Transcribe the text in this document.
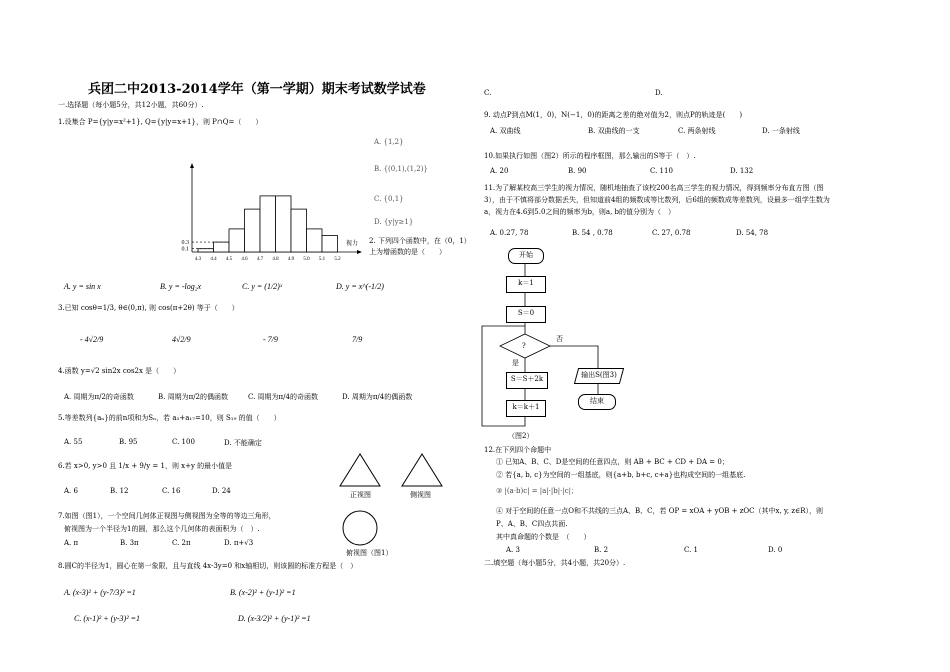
兵团二中2013-2014学年（第一学期）期末考试数学试卷
一.选择题（每小题5分，共12小题，共60分）.
1.设集合 P={y|y=x²+1}, Q={y|y=x+1}，则 P∩Q=（　　）
A. {1,2}
B. {(0,1),(1,2)}
C. {0,1}
D. {y|y≥1}
0.1
0.3
4.3 4.4 4.5 4.6 4.7 4.8 4.9 5.0 5.1 5.2
视力 2. 下列四个函数中，在（0，1）上为增函数的是（　　）
A. y = sin x	B. y = -log₂x	C. y = (1/2)ˣ	D. y = x^(-1/2)
3.已知 cosθ=1/3, θ∈(0,π), 则 cos(π+2θ) 等于（　　）
- 4√2/9	4√2/9	- 7/9	7/9
4.函数 y=√2 sin2x cos2x 是（　　）
A. 周期为π/2的奇函数	B. 周期为π/2的偶函数	C. 周期为π/4的奇函数	D. 周期为π/4的偶函数
5.等差数列{aₙ}的前n项和为Sₙ，若 a₃+a₁₇=10，则 S₁₉ 的值（　　）
A. 55	B. 95	C. 100	D. 不能确定
6.若 x>0, y>0 且 1/x + 9/y = 1，则 x+y 的最小值是
A. 6	B. 12	C. 16	D. 24	正视图	侧视图
俯视图（图1）
7.如图（图1），一个空间几何体正视图与侧视图为全等的等边三角形，
俯视图为一个半径为1的圆，那么这个几何体的表面积为（　）.
A. π	B. 3π	C. 2π	D. π+√3
8.圆C的半径为1，圆心在第一象限，且与直线 4x-3y=0 和x轴相切，则该圆的标准方程是（　）
A. (x-3)² + (y-7/3)² =1	B. (x-2)² + (y-1)² =1
C. (x-1)² + (y-3)² =1	D. (x-3/2)² + (y-1)² =1
C.	D.
9. 动点P到点M(1，0)，N(−1，0)的距离之差的绝对值为2，则点P的轨迹是(　　)
A. 双曲线	B. 双曲线的一支	C. 两条射线	D. 一条射线
10.如果执行如图（图2）所示的程序框图，那么输出的S等于（　）.
A. 20	B. 90	C. 110	D. 132
11.为了解某校高三学生的视力情况，随机地抽查了该校200名高三学生的视力情况，得到频率分布直方图（图
3），由于不慎将部分数据丢失，但知道前4组的频数成等比数列，后6组的频数成等差数列，设最多一组学生数为
a，视力在4.6到5.0之间的频率为b，则a, b的值分别为（　）
A. 0.27, 78	B. 54 , 0.78	C. 27, 0.78	D. 54, 78
开始
k＝1
S＝0
?
否
是
S＝S＋2k
k＝k＋1
输出S(图3)
结束
（图2）
12.在下列四个命题中
① 已知A、B、C、D是空间的任意四点，则 AB + BC + CD + DA = 0；
② 若{a, b, c}为空间的一组基底，则{a+b, b+c, c+a}也构成空间的一组基底.
③ |(a·b)c| = |a|·|b|·|c|；
④ 对于空间的任意一点O和不共线的三点A、B、C，若 OP = xOA + yOB + zOC（其中x, y, z∈R），则
P、A、B、C四点共面.
其中真命题的个数是　（　　）
A. 3	B. 2	C. 1	D. 0
二.填空题（每小题5分，共4小题，共20分）.
